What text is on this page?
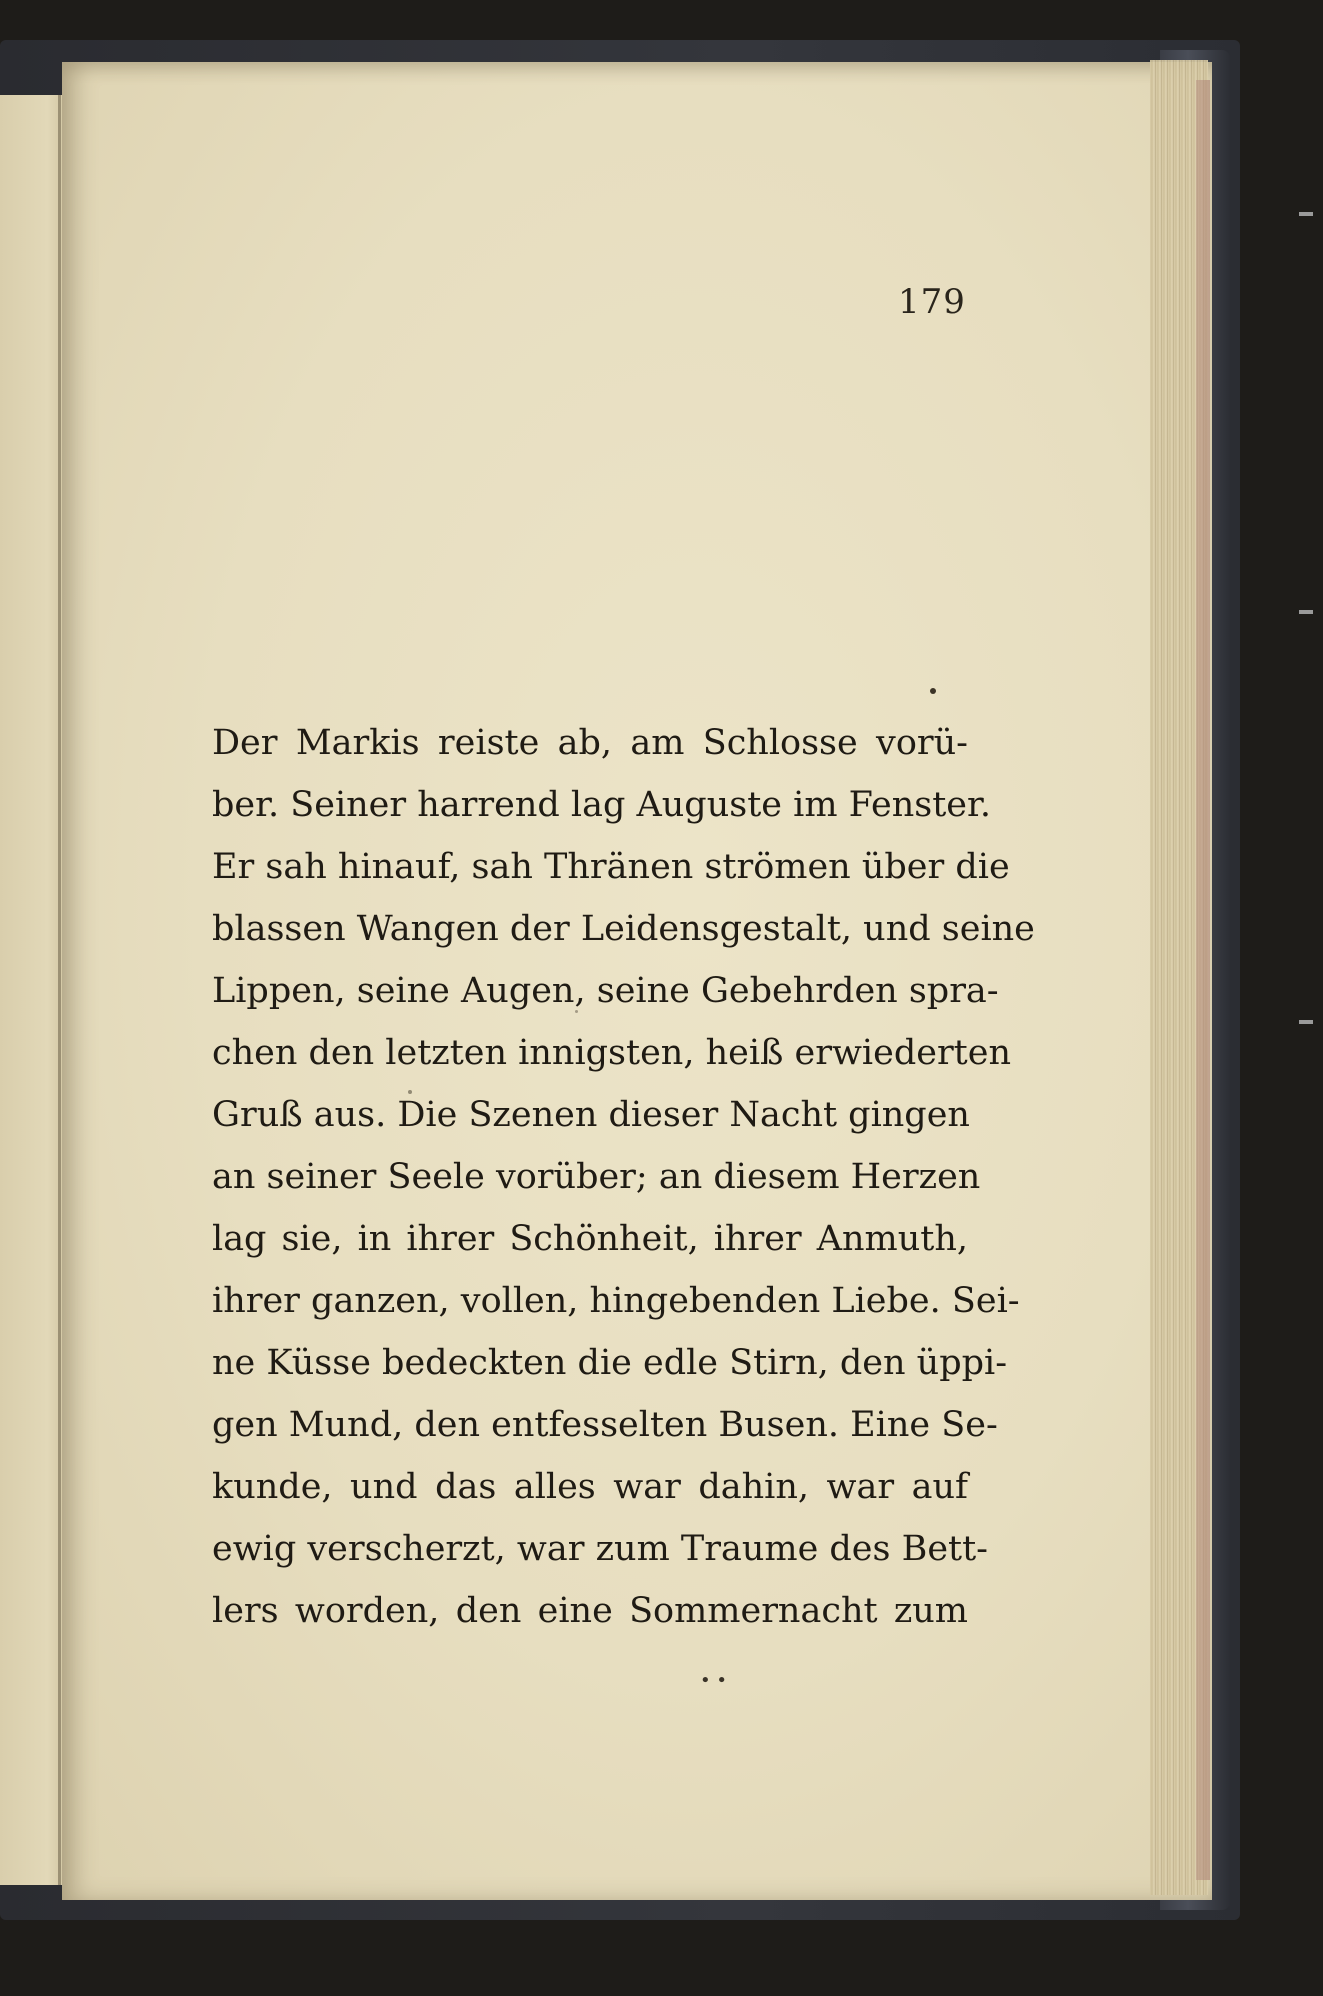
179
Der Markis reiste ab, am Schlosse vorü-
ber. Seiner harrend lag Auguste im Fenster.
Er sah hinauf, sah Thränen strömen über die
blassen Wangen der Leidensgestalt, und seine
Lippen, seine Augen, seine Gebehrden spra-
chen den letzten innigsten, heiß erwiederten
Gruß aus. Die Szenen dieser Nacht gingen
an seiner Seele vorüber; an diesem Herzen
lag sie, in ihrer Schönheit, ihrer Anmuth,
ihrer ganzen, vollen, hingebenden Liebe. Sei-
ne Küsse bedeckten die edle Stirn, den üppi-
gen Mund, den entfesselten Busen. Eine Se-
kunde, und das alles war dahin, war auf
ewig verscherzt, war zum Traume des Bett-
lers worden, den eine Sommernacht zum
• •
